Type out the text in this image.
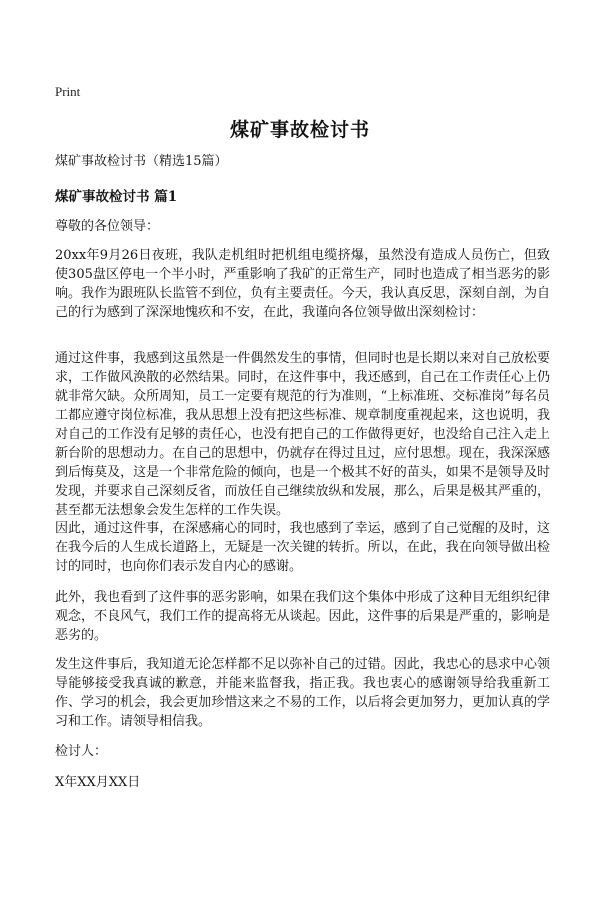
Print
煤矿事故检讨书
煤矿事故检讨书（精选15篇）
煤矿事故检讨书 篇1
尊敬的各位领导：
20xx年9月26日夜班，我队走机组时把机组电缆挤爆，虽然没有造成人员伤亡，但致使305盘区停电一个半小时，严重影响了我矿的正常生产，同时也造成了相当恶劣的影响。我作为跟班队长监管不到位，负有主要责任。今天，我认真反思，深刻自剖，为自己的行为感到了深深地愧疚和不安，在此，我谨向各位领导做出深刻检讨：
通过这件事，我感到这虽然是一件偶然发生的事情，但同时也是长期以来对自己放松要求，工作做风涣散的必然结果。同时，在这件事中，我还感到，自己在工作责任心上仍就非常欠缺。众所周知，员工一定要有规范的行为准则，“上标准班、交标准岗”每名员工都应遵守岗位标准，我从思想上没有把这些标准、规章制度重视起来，这也说明，我对自己的工作没有足够的责任心，也没有把自己的工作做得更好，也没给自己注入走上新台阶的思想动力。在自己的思想中，仍就存在得过且过，应付思想。现在，我深深感到后悔莫及，这是一个非常危险的倾向，也是一个极其不好的苗头，如果不是领导及时发现，并要求自己深刻反省，而放任自己继续放纵和发展，那么，后果是极其严重的，甚至都无法想象会发生怎样的工作失误。
因此，通过这件事，在深感痛心的同时，我也感到了幸运，感到了自己觉醒的及时，这在我今后的人生成长道路上，无疑是一次关键的转折。所以，在此，我在向领导做出检讨的同时，也向你们表示发自内心的感谢。
此外，我也看到了这件事的恶劣影响，如果在我们这个集体中形成了这种目无组织纪律观念，不良风气，我们工作的提高将无从谈起。因此，这件事的后果是严重的，影响是恶劣的。
发生这件事后，我知道无论怎样都不足以弥补自己的过错。因此，我忠心的恳求中心领导能够接受我真诚的歉意，并能来监督我，指正我。我也衷心的感谢领导给我重新工作、学习的机会，我会更加珍惜这来之不易的工作，以后将会更加努力，更加认真的学习和工作。请领导相信我。
检讨人：
X年XX月XX日
